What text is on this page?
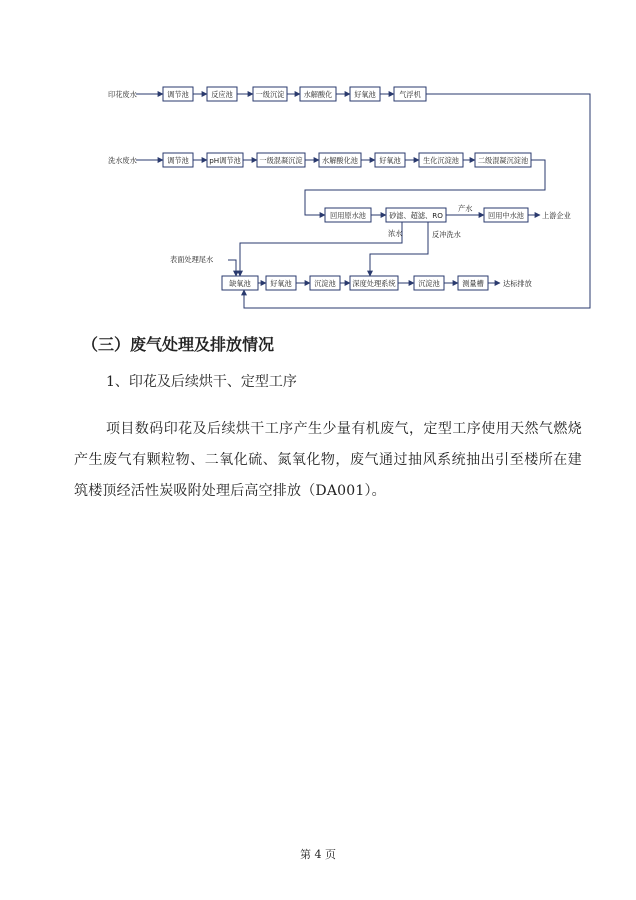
印花废水	调节池	反应池	一级沉淀	水解酸化	好氧池	气浮机
洗水废水	调节池	pH调节池	一级混凝沉淀	水解酸化池	好氧池	生化沉淀池	二级混凝沉淀池
回用原水池	砂滤、超滤、RO
产水
回用中水池	上游企业
浓水	反冲洗水
表面处理尾水
缺氧池	好氧池	沉淀池 深度处理系统	沉淀池	测量槽	达标排放
（三）废气处理及排放情况
1、印花及后续烘干、定型工序

项目数码印花及后续烘干工序产生少量有机废气，定型工序使用天然气燃烧产生废气有颗粒物、二氧化硫、氮氧化物，废气通过抽风系统抽出引至楼所在建筑楼顶经活性炭吸附处理后高空排放（DA001）。

第 4 页
